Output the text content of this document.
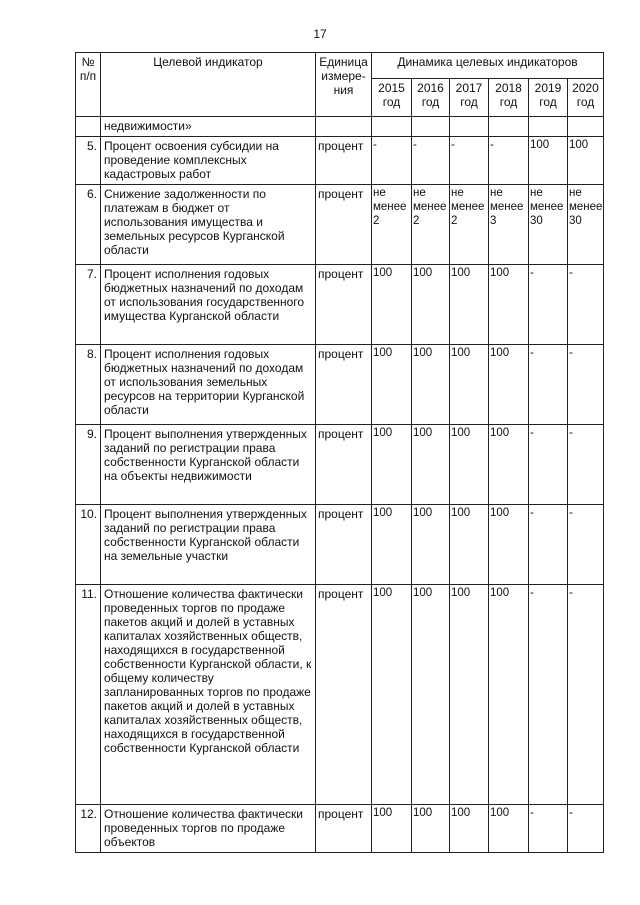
17
№ п/п	Целевой индикатор	Единица измере-ния	Динамика целевых индикаторов					
			2015 год	2016 год	2017 год	2018 год	2019 год	2020 год
	недвижимости»							
5.	Процент освоения субсидии на проведение комплексных кадастровых работ	процент	-	-	-	-	100	100
6.	Снижение задолженности по платежам в бюджет от использования имущества и земельных ресурсов Курганской области	процент	не менее 2	не менее 2	не менее 2	не менее 3	не менее 30	не менее 30
7.	Процент исполнения годовых бюджетных назначений по доходам от использования государственного имущества Курганской области	процент	100	100	100	100	-	-
8.	Процент исполнения годовых бюджетных назначений по доходам от использования земельных ресурсов на территории Курганской области	процент	100	100	100	100	-	-
9.	Процент выполнения утвержденных заданий по регистрации права собственности Курганской области на объекты недвижимости	процент	100	100	100	100	-	-
10.	Процент выполнения утвержденных заданий по регистрации права собственности Курганской области на земельные участки	процент	100	100	100	100	-	-
11.	Отношение количества фактически проведенных торгов по продаже пакетов акций и долей в уставных капиталах хозяйственных обществ, находящихся в государственной собственности Курганской области, к общему количеству запланированных торгов по продаже пакетов акций и долей в уставных капиталах хозяйственных обществ, находящихся в государственной собственности Курганской области	процент	100	100	100	100	-	-
12.	Отношение количества фактически проведенных торгов по продаже объектов	процент	100	100	100	100	-	-
